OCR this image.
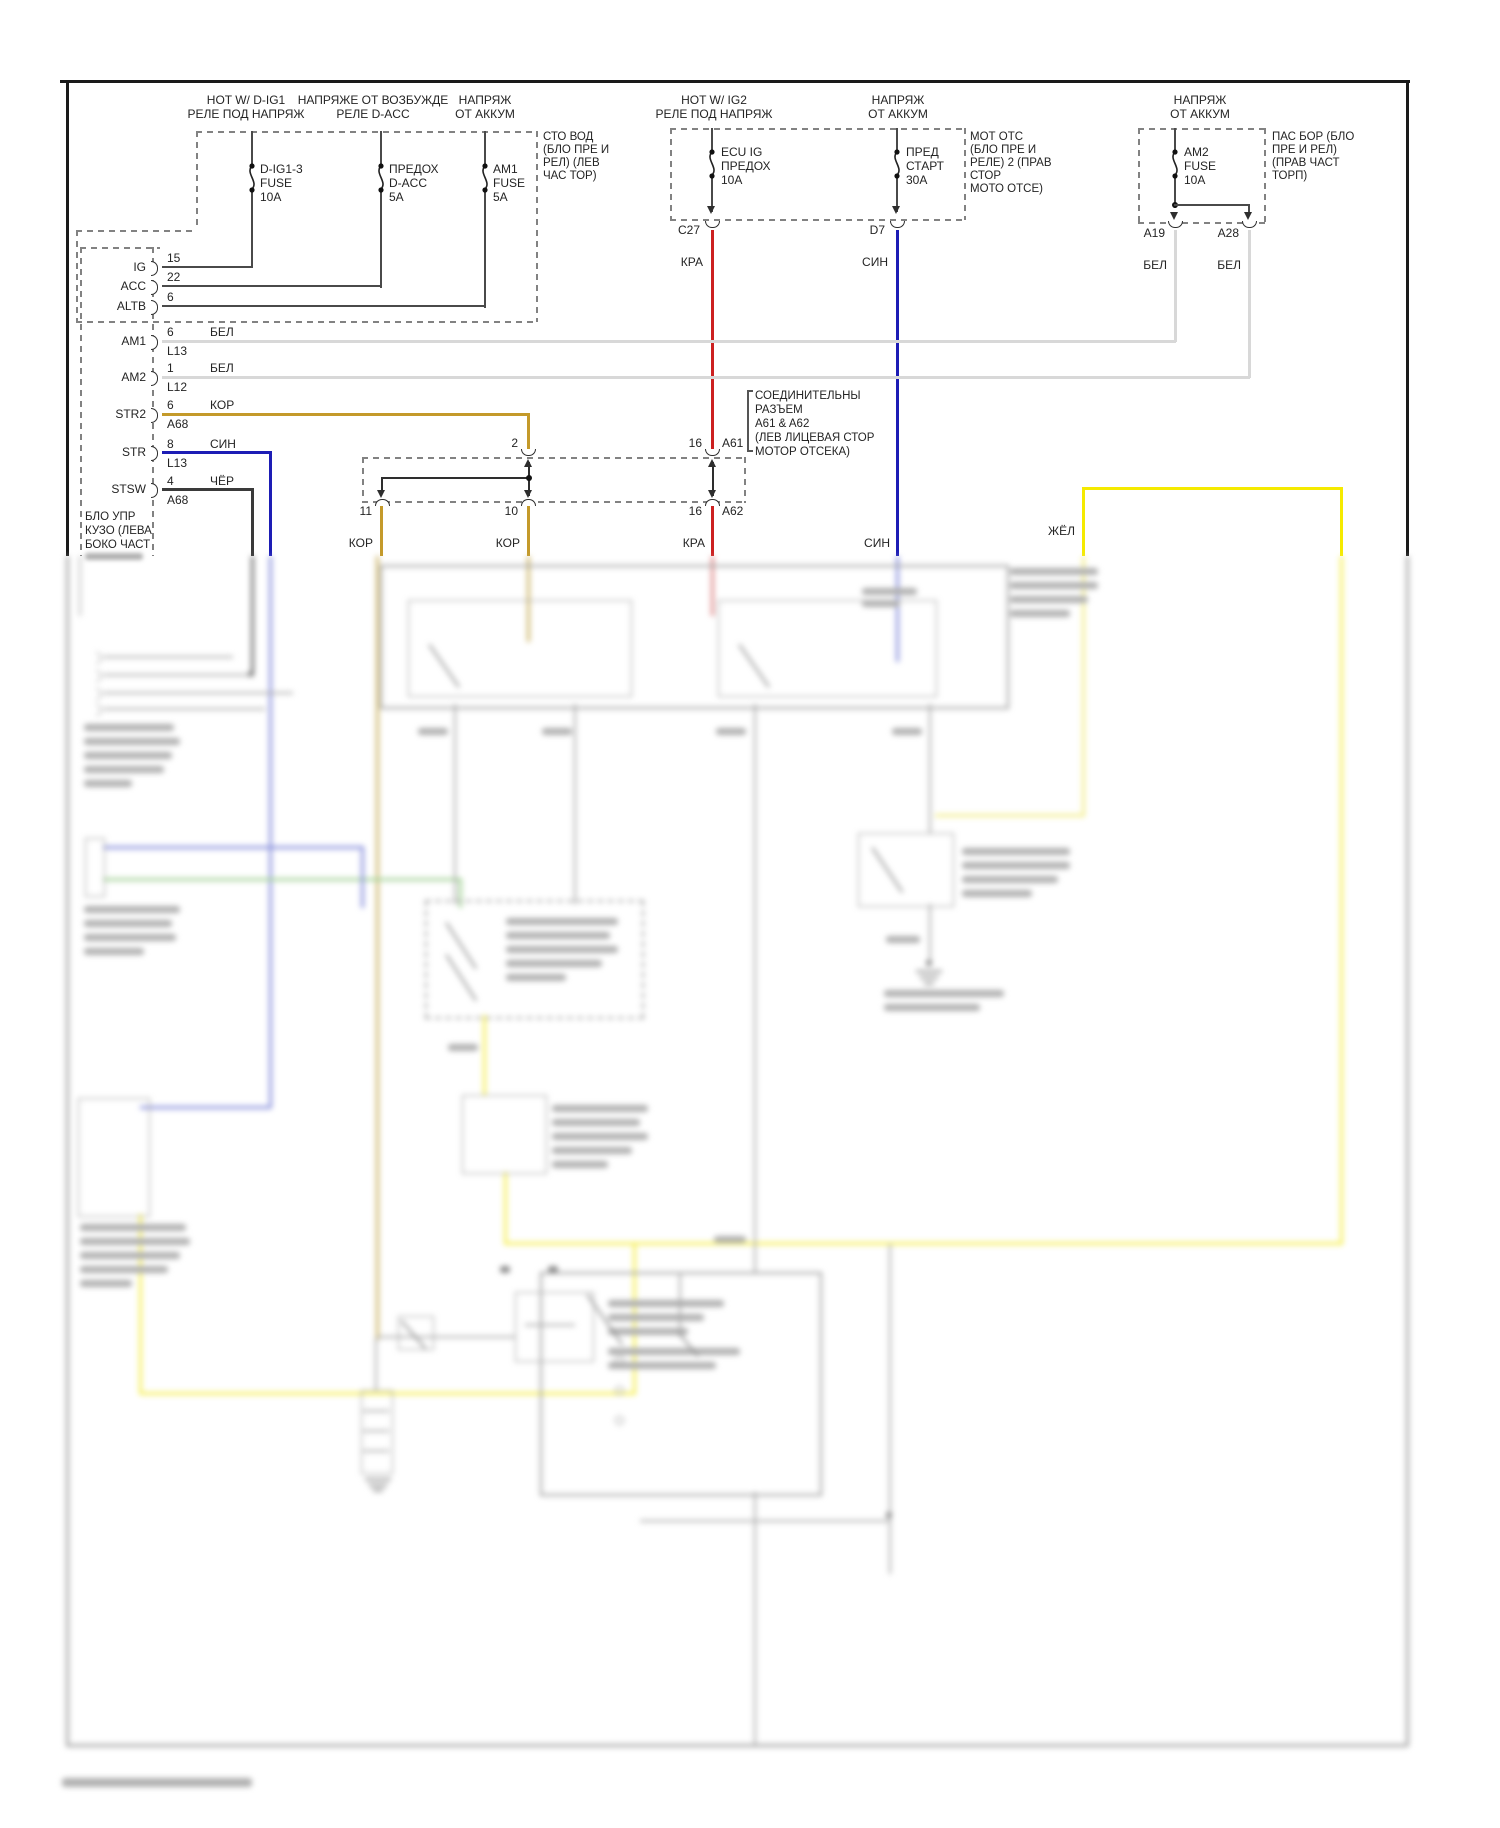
HOT W/ D-IG1
РЕЛЕ ПОД НАПРЯЖ
НАПРЯЖЕ ОТ ВОЗБУЖДЕ
РЕЛЕ D-ACC
НАПРЯЖ
ОТ АККУМ
D-IG1-3
FUSE
10A
ПРЕДОХ
D-ACC
5A
AM1
FUSE
5A
СТО ВОД
(БЛО ПРЕ И
РЕЛ) (ЛЕВ
ЧАС ТОР)
HOT W/ IG2
РЕЛЕ ПОД НАПРЯЖ
НАПРЯЖ
ОТ АККУМ
ECU IG
ПРЕДОХ
10A
ПРЕД
СТАРТ
30A
МОТ ОТС
(БЛО ПРЕ И
РЕЛЕ) 2 (ПРАВ
СТОР
МОТО ОТСЕ)
C27	D7
КРА	СИН
НАПРЯЖ
ОТ АККУМ
AM2
FUSE
10A
A19	A28
БЕЛ	БЕЛ
ПАС БОР (БЛО
ПРЕ И РЕЛ)
(ПРАВ ЧАСТ
ТОРП)
IG
15
ACC
22
ALTB
6
AM1
6
L13
БЕЛ
AM2
1
L12
БЕЛ
STR2
6
A68
КОР
STR
8
L13
СИН
STSW
4
A68
ЧЁР
БЛО УПР
КУЗО (ЛЕВА
БОКО ЧАСТ
2	16 A61
11	10	16 A62
СОЕДИНИТЕЛЬНЫ
РАЗЪЕМ
A61 & A62
(ЛЕВ ЛИЦЕВАЯ СТОР
МОТОР ОТСЕКА)
КОР	КОР	КРА	СИН
ЖЁЛ
